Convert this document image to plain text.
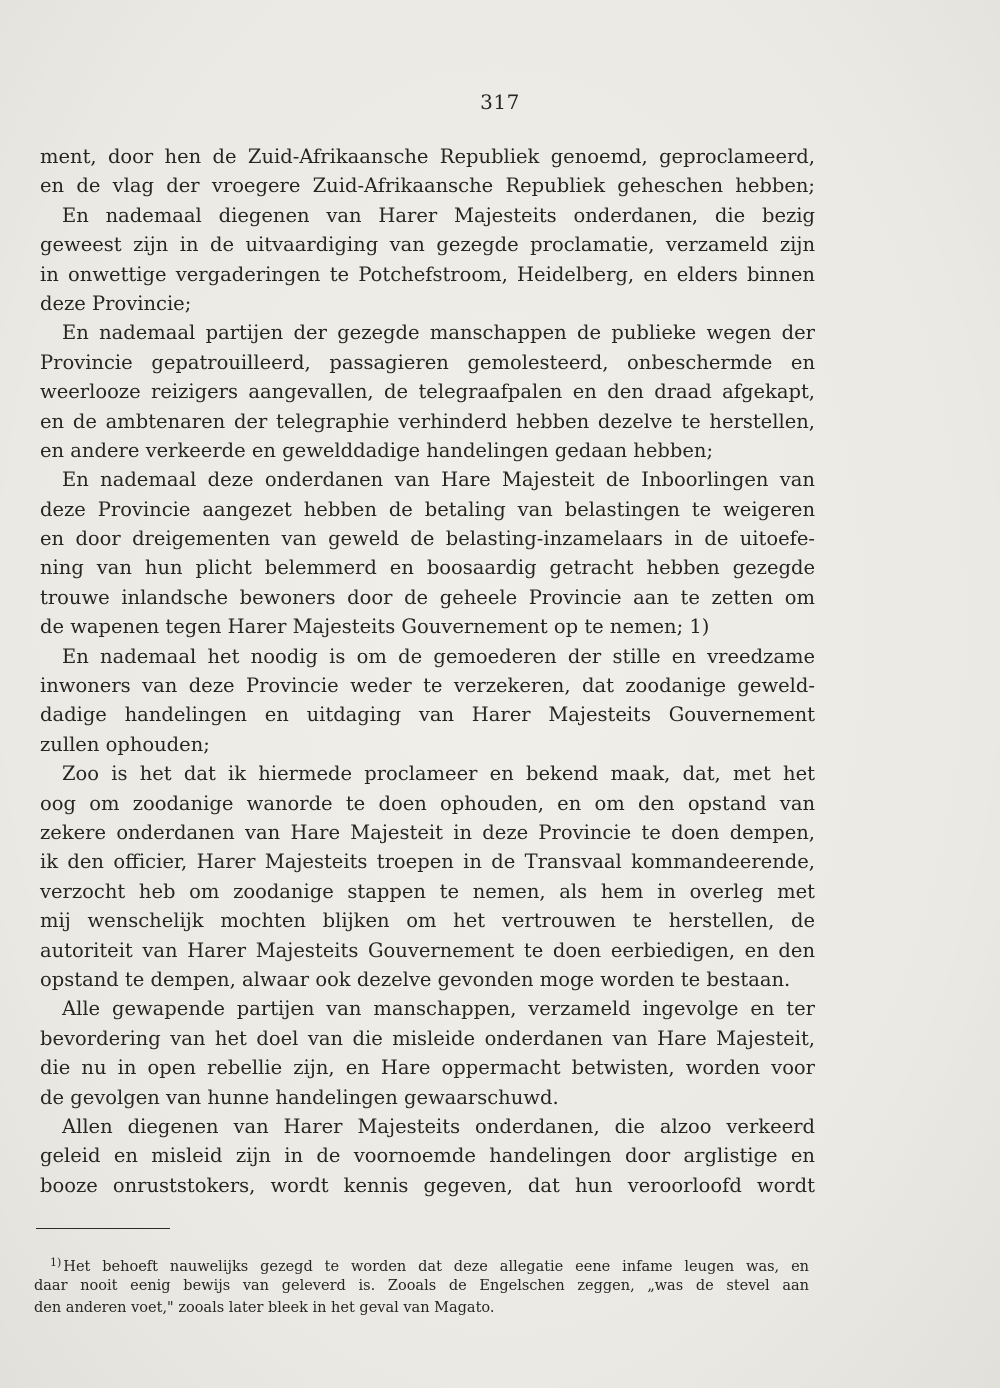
317
ment, door hen de Zuid-Afrikaansche Republiek genoemd, geproclameerd,
en de vlag der vroegere Zuid-Afrikaansche Republiek geheschen hebben;
En nademaal diegenen van Harer Majesteits onderdanen, die bezig
geweest zijn in de uitvaardiging van gezegde proclamatie, verzameld zijn
in onwettige vergaderingen te Potchefstroom, Heidelberg, en elders binnen
deze Provincie;
En nademaal partijen der gezegde manschappen de publieke wegen der
Provincie gepatrouilleerd, passagieren gemolesteerd, onbeschermde en
weerlooze reizigers aangevallen, de telegraafpalen en den draad afgekapt,
en de ambtenaren der telegraphie verhinderd hebben dezelve te herstellen,
en andere verkeerde en gewelddadige handelingen gedaan hebben;
En nademaal deze onderdanen van Hare Majesteit de Inboorlingen van
deze Provincie aangezet hebben de betaling van belastingen te weigeren
en door dreigementen van geweld de belasting-inzamelaars in de uitoefe-
ning van hun plicht belemmerd en boosaardig getracht hebben gezegde
trouwe inlandsche bewoners door de geheele Provincie aan te zetten om
de wapenen tegen Harer Majesteits Gouvernement op te nemen; 1)
En nademaal het noodig is om de gemoederen der stille en vreedzame
inwoners van deze Provincie weder te verzekeren, dat zoodanige geweld-
dadige handelingen en uitdaging van Harer Majesteits Gouvernement
zullen ophouden;
Zoo is het dat ik hiermede proclameer en bekend maak, dat, met het
oog om zoodanige wanorde te doen ophouden, en om den opstand van
zekere onderdanen van Hare Majesteit in deze Provincie te doen dempen,
ik den officier, Harer Majesteits troepen in de Transvaal kommandeerende,
verzocht heb om zoodanige stappen te nemen, als hem in overleg met
mij wenschelijk mochten blijken om het vertrouwen te herstellen, de
autoriteit van Harer Majesteits Gouvernement te doen eerbiedigen, en den
opstand te dempen, alwaar ook dezelve gevonden moge worden te bestaan.
Alle gewapende partijen van manschappen, verzameld ingevolge en ter
bevordering van het doel van die misleide onderdanen van Hare Majesteit,
die nu in open rebellie zijn, en Hare oppermacht betwisten, worden voor
de gevolgen van hunne handelingen gewaarschuwd.
Allen diegenen van Harer Majesteits onderdanen, die alzoo verkeerd
geleid en misleid zijn in de voornoemde handelingen door arglistige en
booze onruststokers, wordt kennis gegeven, dat hun veroorloofd wordt
$^{1)}$ Het behoeft nauwelijks gezegd te worden dat deze allegatie eene infame leugen was, en
daar nooit eenig bewijs van geleverd is. Zooals de Engelschen zeggen, „was de stevel aan
den anderen voet," zooals later bleek in het geval van Magato.
